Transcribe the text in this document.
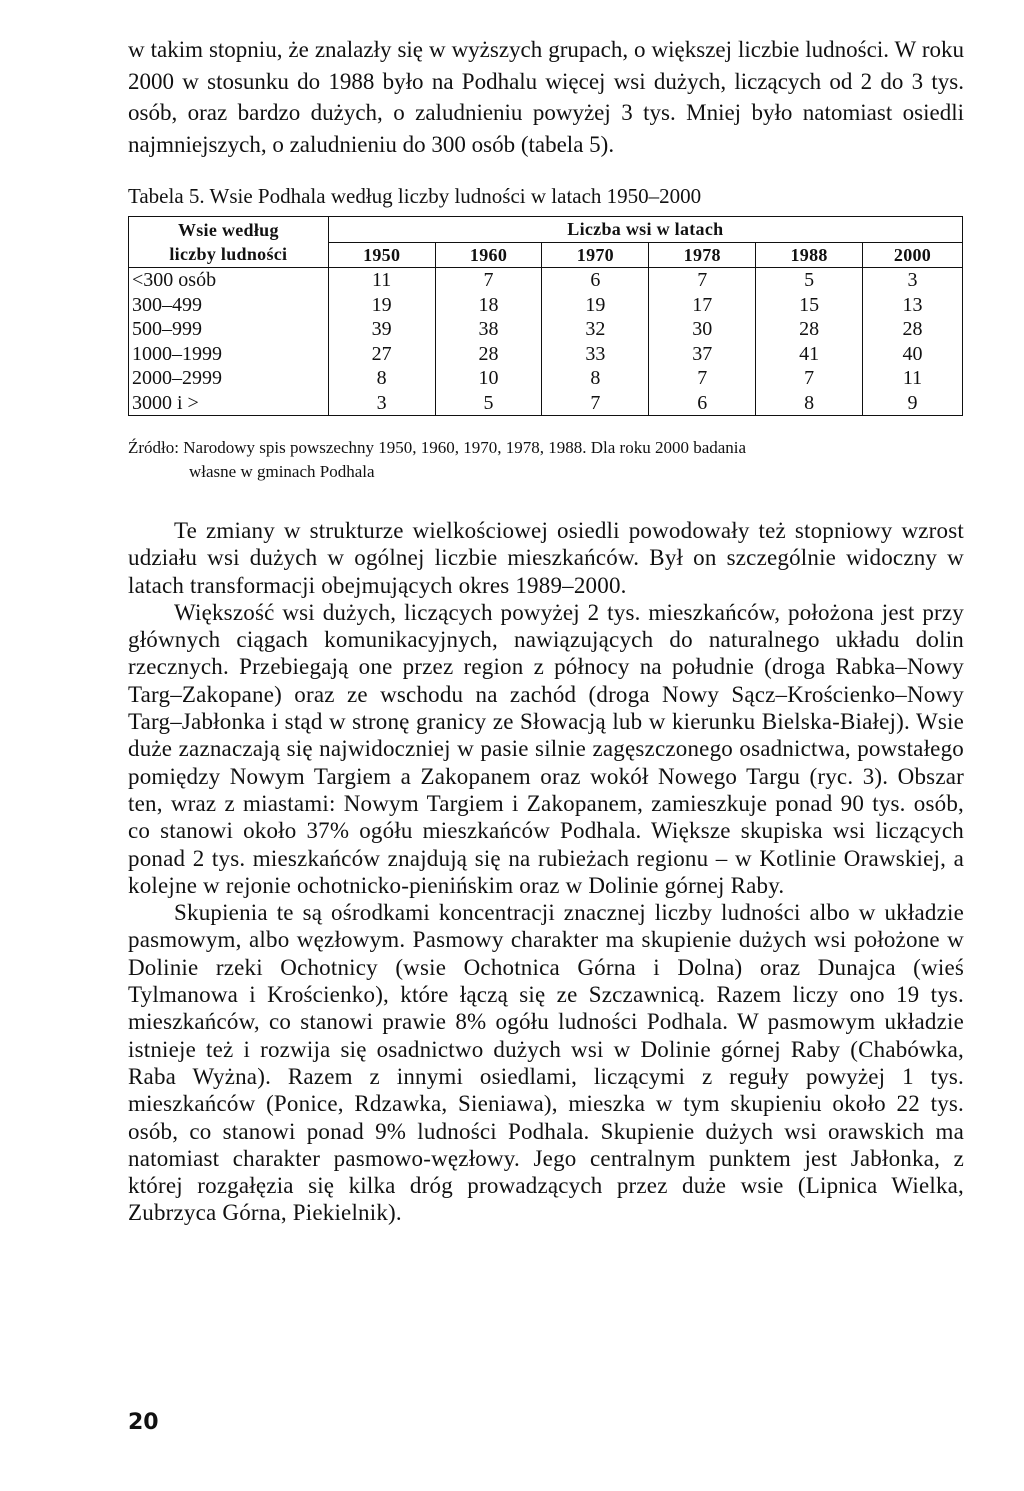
w takim stopniu, że znalazły się w wyższych grupach, o większej liczbie ludności. W roku 2000 w stosunku do 1988 było na Podhalu więcej wsi dużych, liczących od 2 do 3 tys. osób, oraz bardzo dużych, o zaludnieniu powyżej 3 tys. Mniej było natomiast osiedli najmniejszych, o zaludnieniu do 300 osób (tabela 5).

Tabela 5. Wsie Podhala według liczby ludności w latach 1950–2000
Wsie według
liczby ludności	Liczba wsi w latach					
	1950	1960	1970	1978	1988	2000
<300 osób	11	7	6	7	5	3
300–499	19	18	19	17	15	13
500–999	39	38	32	30	28	28
1000–1999	27	28	33	37	41	40
2000–2999	8	10	8	7	7	11
3000 i >	3	5	7	6	8	9
Źródło: Narodowy spis powszechny 1950, 1960, 1970, 1978, 1988. Dla roku 2000 badania
własne w gminach Podhala

Te zmiany w strukturze wielkościowej osiedli powodowały też stopniowy wzrost udziału wsi dużych w ogólnej liczbie mieszkańców. Był on szczególnie widoczny w latach transformacji obejmujących okres 1989–2000.

Większość wsi dużych, liczących powyżej 2 tys. mieszkańców, położona jest przy głównych ciągach komunikacyjnych, nawiązujących do naturalnego układu dolin rzecznych. Przebiegają one przez region z północy na południe (droga Rabka–Nowy Targ–Zakopane) oraz ze wschodu na zachód (droga Nowy Sącz–Krościenko–Nowy Targ–Jabłonka i stąd w stronę granicy ze Słowacją lub w kierunku Bielska-Białej). Wsie duże zaznaczają się najwidoczniej w pasie silnie zagęszczonego osadnictwa, powstałego pomiędzy Nowym Targiem a Zakopanem oraz wokół Nowego Targu (ryc. 3). Obszar ten, wraz z miastami: Nowym Targiem i Zakopanem, zamieszkuje ponad 90 tys. osób, co stanowi około 37% ogółu mieszkańców Podhala. Większe skupiska wsi liczących ponad 2 tys. mieszkańców znajdują się na rubieżach regionu – w Kotlinie Orawskiej, a kolejne w rejonie ochotnicko-pienińskim oraz w Dolinie górnej Raby.

Skupienia te są ośrodkami koncentracji znacznej liczby ludności albo w układzie pasmowym, albo węzłowym. Pasmowy charakter ma skupienie dużych wsi położone w Dolinie rzeki Ochotnicy (wsie Ochotnica Górna i Dolna) oraz Dunajca (wieś Tylmanowa i Krościenko), które łączą się ze Szczawnicą. Razem liczy ono 19 tys. mieszkańców, co stanowi prawie 8% ogółu ludności Podhala. W pasmowym układzie istnieje też i rozwija się osadnictwo dużych wsi w Dolinie górnej Raby (Chabówka, Raba Wyżna). Razem z innymi osiedlami, liczącymi z reguły powyżej 1 tys. mieszkańców (Ponice, Rdzawka, Sieniawa), mieszka w tym skupieniu około 22 tys. osób, co stanowi ponad 9% ludności Podhala. Skupienie dużych wsi orawskich ma natomiast charakter pasmowo-węzłowy. Jego centralnym punktem jest Jabłonka, z której rozgałęzia się kilka dróg prowadzących przez duże wsie (Lipnica Wielka, Zubrzyca Górna, Piekielnik).

20
